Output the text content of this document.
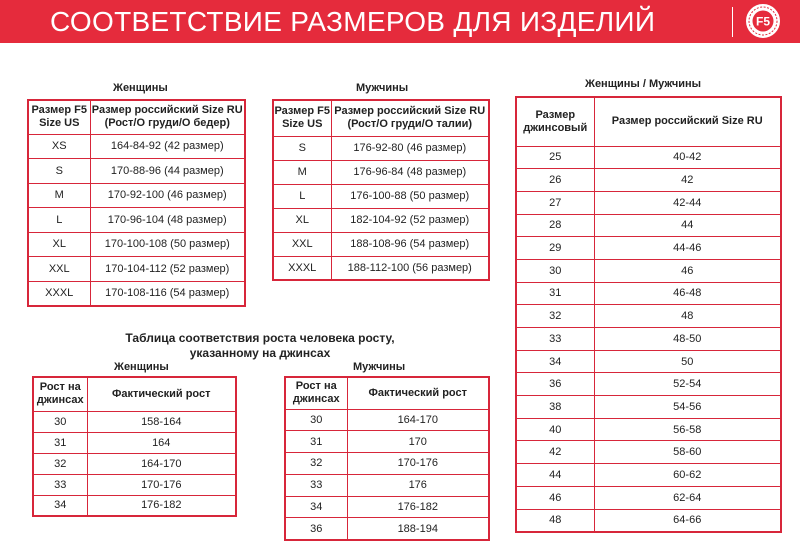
СООТВЕТСТВИЕ РАЗМЕРОВ ДЛЯ ИЗДЕЛИЙ	F5
Женщины
Размер F5 Size US	Размер российский Size RU (Рост/О груди/О бедер)
XS	164-84-92 (42 размер)
S	170-88-96 (44 размер)
M	170-92-100 (46 размер)
L	170-96-104 (48 размер)
XL	170-100-108 (50 размер)
XXL	170-104-112 (52 размер)
XXXL	170-108-116 (54 размер)
Мужчины
Размер F5 Size US	Размер российский Size RU (Рост/О груди/О талии)
S	176-92-80 (46 размер)
M	176-96-84 (48 размер)
L	176-100-88 (50 размер)
XL	182-104-92 (52 размер)
XXL	188-108-96 (54 размер)
XXXL	188-112-100 (56 размер)
Женщины / Мужчины
Размер джинсовый	Размер российский Size RU
25	40-42
26	42
27	42-44
28	44
29	44-46
30	46
31	46-48
32	48
33	48-50
34	50
36	52-54
38	54-56
40	56-58
42	58-60
44	60-62
46	62-64
48	64-66
Таблица соответствия роста человека росту,
указанному на джинсах
Женщины
Рост на джинсах	Фактический рост
30	158-164
31	164
32	164-170
33	170-176
34	176-182
Мужчины
Рост на джинсах	Фактический рост
30	164-170
31	170
32	170-176
33	176
34	176-182
36	188-194
